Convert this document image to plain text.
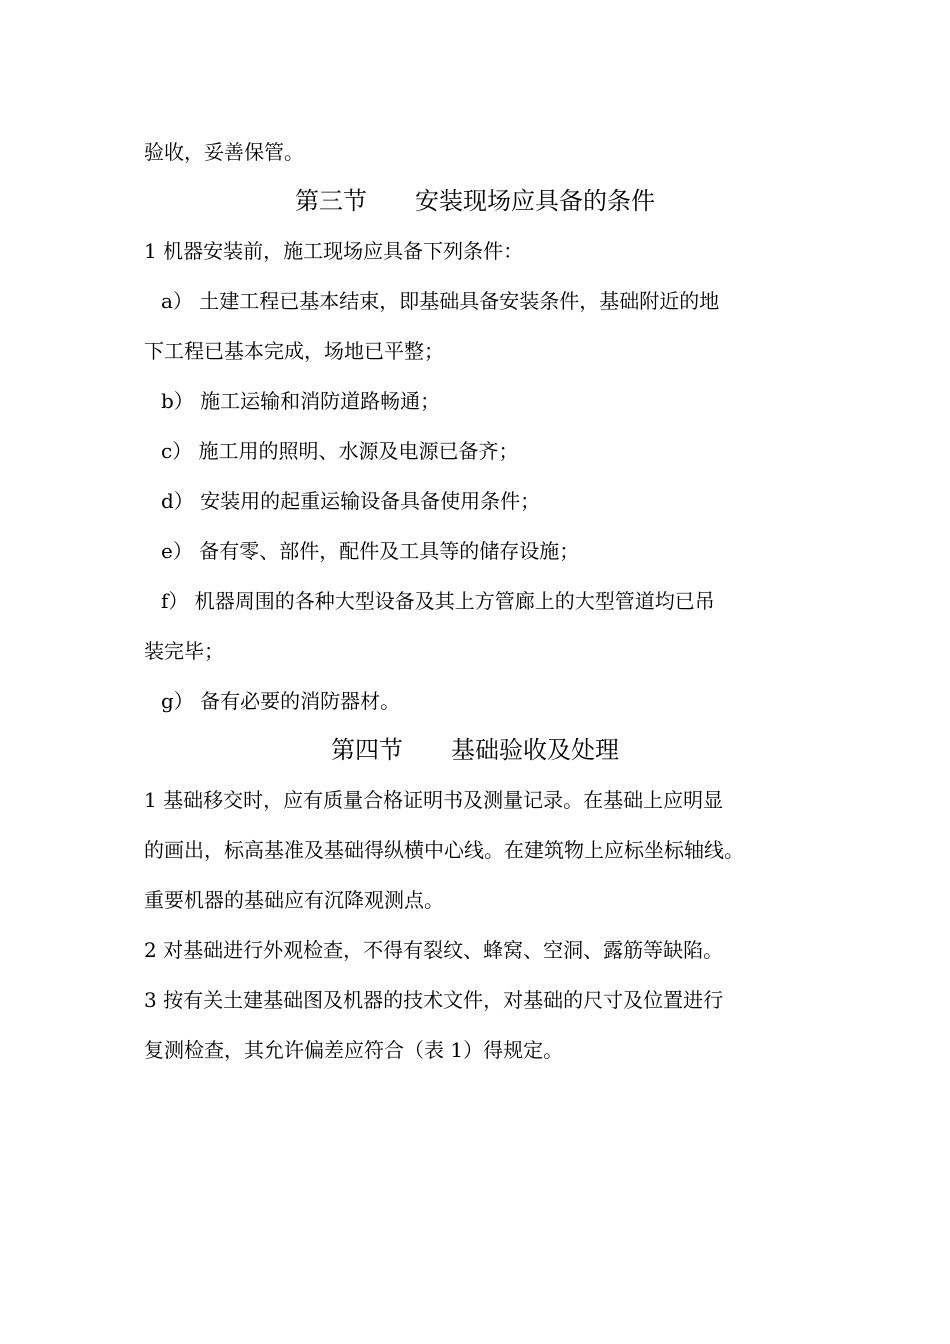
验收，妥善保管。
第三节　　安装现场应具备的条件
1 机器安装前，施工现场应具备下列条件：
a） 土建工程已基本结束，即基础具备安装条件，基础附近的地
下工程已基本完成，场地已平整；
b） 施工运输和消防道路畅通；
c） 施工用的照明、水源及电源已备齐；
d） 安装用的起重运输设备具备使用条件；
e） 备有零、部件，配件及工具等的储存设施；
f） 机器周围的各种大型设备及其上方管廊上的大型管道均已吊
装完毕；
g） 备有必要的消防器材。
第四节　　基础验收及处理
1 基础移交时，应有质量合格证明书及测量记录。在基础上应明显
的画出，标高基准及基础得纵横中心线。在建筑物上应标坐标轴线。
重要机器的基础应有沉降观测点。
2 对基础进行外观检查，不得有裂纹、蜂窝、空洞、露筋等缺陷。
3 按有关土建基础图及机器的技术文件，对基础的尺寸及位置进行
复测检查，其允许偏差应符合（表 1）得规定。
